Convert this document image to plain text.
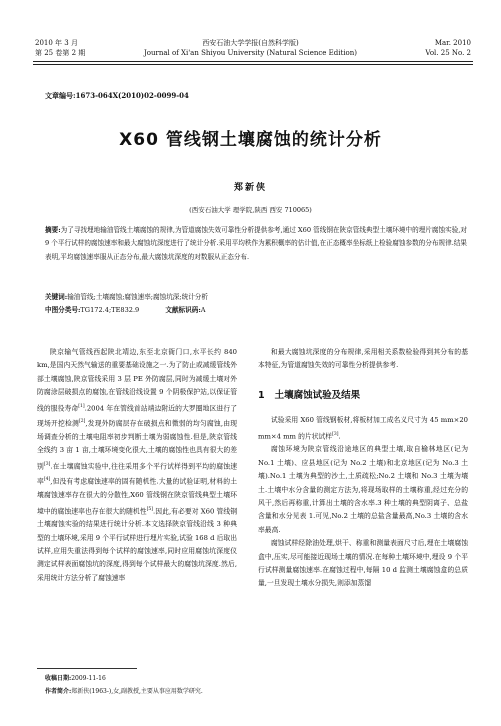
2010 年 3 月
第 25 卷第 2 期
西安石油大学学报(自然科学版)
Journal of Xi'an Shiyou University (Natural Science Edition)
Mar. 2010
Vol. 25 No. 2
文章编号:1673-064X(2010)02-0099-04
X60 管线钢土壤腐蚀的统计分析
郑新侠
(西安石油大学 理学院,陕西 西安 710065)
摘要:为了寻找埋地输油管线土壤腐蚀的规律,为管道腐蚀失效可靠性分析提供参考,通过 X60 管线钢在陕京管线典型土壤环境中的埋片腐蚀实验,对 9 个平行试样的腐蚀速率和最大腐蚀坑深度进行了统计分析.采用平均秩作为累积概率的估计值,在正态概率坐标纸上检验腐蚀参数的分布规律.结果表明,平均腐蚀速率服从正态分布,最大腐蚀坑深度的对数服从正态分布.
关键词:输油管线;土壤腐蚀;腐蚀速率;腐蚀坑深;统计分析
中图分类号:TG172.4;TE832.9	文献标识码:A

陕京输气管线西起陕北靖边,东至北京衙门口,水平长约 840 km,是国内天然气输送的重要基础设施之一.为了防止或减缓管线外部土壤腐蚀,陕京管线采用 3 层 PE 外防腐层,同时为减缓土壤对外防腐涂层破损点的腐蚀,在管线沿线设置 9 个阴极保护站,以保证管线的服役寿命[1].2004 年在管线首站靖边附近的大罗圈地区进行了现场开挖检测[2],发现外防腐层存在破损点和微弱的均匀腐蚀,由现场调查分析的土壤电阻率初步判断土壤为弱腐蚀性.但是,陕京管线全线约 3 亩 1 亩,土壤环境变化很大,土壤的腐蚀性也具有很大的差别[3].在土壤腐蚀实验中,往往采用多个平行试样得到平均的腐蚀速率[4],但没有考虑腐蚀速率的固有随机性.大量的试验证明,材料的土壤腐蚀速率存在很大的分散性,X60 管线钢在陕京管线典型土壤环境中的腐蚀速率也存在很大的随机性[5].因此,有必要对 X60 管线钢土壤腐蚀实验的结果进行统计分析.本文选择陕京管线沿线 3 种典型的土壤环境,采用 9 个平行试样进行埋片实验,试验 168 d 后取出试样,应用失重法得到每个试样的腐蚀速率,同时应用腐蚀坑深度仪测定试样表面腐蚀坑的深度,得到每个试样最大的腐蚀坑深度.然后,采用统计方法分析了腐蚀速率

和最大腐蚀坑深度的分布规律,采用相关系数检验得到其分布的基本特征,为管道腐蚀失效的可靠性分析提供参考.

1 土壤腐蚀试验及结果

试验采用 X60 管线钢板材,将板材加工成名义尺寸为 45 mm×20 mm×4 mm 的片状试样[3].

腐蚀环境为陕京管线沿途地区的典型土壤,取自榆林地区(记为 No.1 土壤)、应县地区(记为 No.2 土壤)和北京地区(记为 No.3 土壤).No.1 土壤为典型的沙土,土质疏松;No.2 土壤和 No.3 土壤为壤土.土壤中水分含量的测定方法为,将现场取样的土壤称重,经过充分的风干,然后再称重,计算出土壤的含水率.3 种土壤的典型阴离子、总盐含量和水分见表 1.可见,No.2 土壤的总盐含量最高,No.3 土壤的含水率最高.

腐蚀试样经除油处理,烘干、称重和测量表面尺寸后,埋在土壤腐蚀盒中,压实,尽可能接近现场土壤的情况.在每种土壤环境中,埋设 9 个平行试样测量腐蚀速率.在腐蚀过程中,每隔 10 d 监测土壤腐蚀盒的总质量,一旦发现土壤水分损失,则添加蒸馏

收稿日期:2009-11-16
作者简介:郑新侠(1963-),女,副教授,主要从事应用数学研究.
